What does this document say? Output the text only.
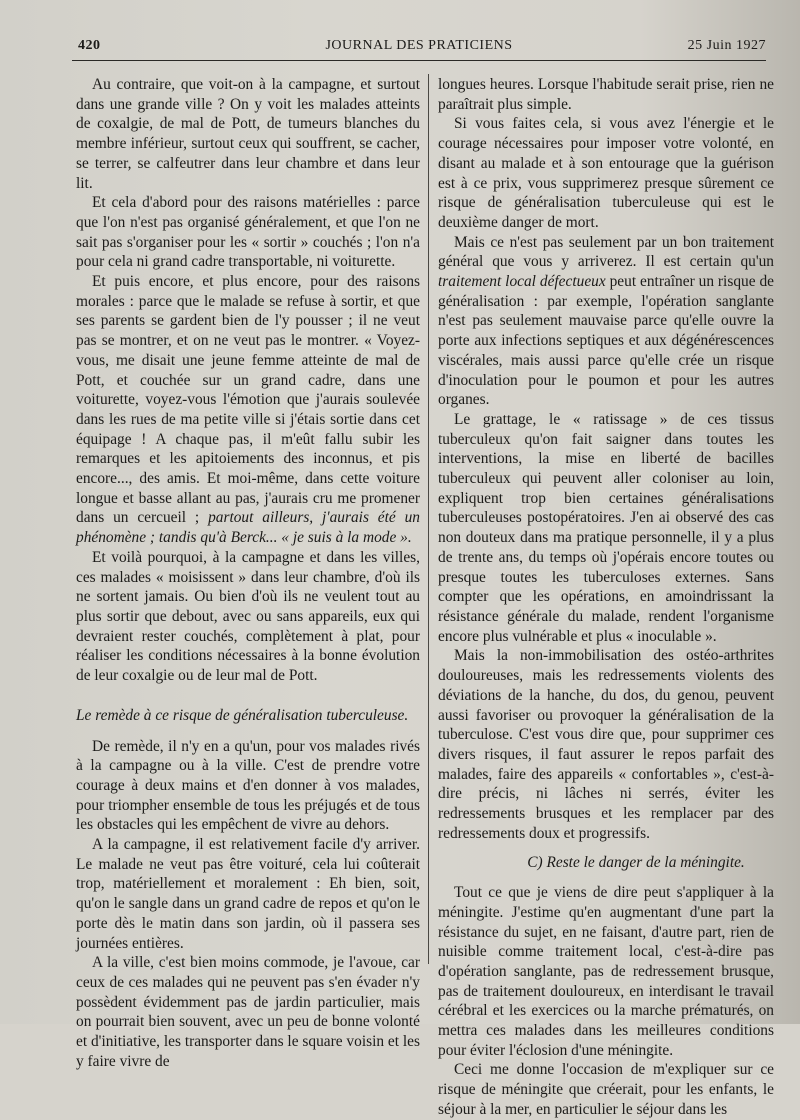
420	JOURNAL DES PRATICIENS	25 Juin 1927

Au contraire, que voit-on à la campagne, et surtout dans une grande ville ? On y voit les malades atteints de coxalgie, de mal de Pott, de tumeurs blanches du membre inférieur, surtout ceux qui souffrent, se cacher, se terrer, se calfeutrer dans leur chambre et dans leur lit.

Et cela d'abord pour des raisons matérielles : parce que l'on n'est pas organisé généralement, et que l'on ne sait pas s'organiser pour les « sortir » couchés ; l'on n'a pour cela ni grand cadre transportable, ni voiturette.

Et puis encore, et plus encore, pour des raisons morales : parce que le malade se refuse à sortir, et que ses parents se gardent bien de l'y pousser ; il ne veut pas se montrer, et on ne veut pas le montrer. « Voyez-vous, me disait une jeune femme atteinte de mal de Pott, et couchée sur un grand cadre, dans une voiturette, voyez-vous l'émotion que j'aurais soulevée dans les rues de ma petite ville si j'étais sortie dans cet équipage ! A chaque pas, il m'eût fallu subir les remarques et les apitoiements des inconnus, et pis encore..., des amis. Et moi-même, dans cette voiture longue et basse allant au pas, j'aurais cru me promener dans un cercueil ; partout ailleurs, j'aurais été un phénomène ; tandis qu'à Berck... « je suis à la mode ».

Et voilà pourquoi, à la campagne et dans les villes, ces malades « moisissent » dans leur chambre, d'où ils ne sortent jamais. Ou bien d'où ils ne veulent tout au plus sortir que debout, avec ou sans appareils, eux qui devraient rester couchés, complètement à plat, pour réaliser les conditions nécessaires à la bonne évolution de leur coxalgie ou de leur mal de Pott.

Le remède à ce risque de généralisation tuberculeuse.

De remède, il n'y en a qu'un, pour vos malades rivés à la campagne ou à la ville. C'est de prendre votre courage à deux mains et d'en donner à vos malades, pour triompher ensemble de tous les préjugés et de tous les obstacles qui les empêchent de vivre au dehors.

A la campagne, il est relativement facile d'y arriver. Le malade ne veut pas être voituré, cela lui coûterait trop, matériellement et moralement : Eh bien, soit, qu'on le sangle dans un grand cadre de repos et qu'on le porte dès le matin dans son jardin, où il passera ses journées entières.

A la ville, c'est bien moins commode, je l'avoue, car ceux de ces malades qui ne peuvent pas s'en évader n'y possèdent évidemment pas de jardin particulier, mais on pourrait bien souvent, avec un peu de bonne volonté et d'initiative, les transporter dans le square voisin et les y faire vivre de

longues heures. Lorsque l'habitude serait prise, rien ne paraîtrait plus simple.

Si vous faites cela, si vous avez l'énergie et le courage nécessaires pour imposer votre volonté, en disant au malade et à son entourage que la guérison est à ce prix, vous supprimerez presque sûrement ce risque de généralisation tuberculeuse qui est le deuxième danger de mort.

Mais ce n'est pas seulement par un bon traitement général que vous y arriverez. Il est certain qu'un traitement local défectueux peut entraîner un risque de généralisation : par exemple, l'opération sanglante n'est pas seulement mauvaise parce qu'elle ouvre la porte aux infections septiques et aux dégénérescences viscérales, mais aussi parce qu'elle crée un risque d'inoculation pour le poumon et pour les autres organes.

Le grattage, le « ratissage » de ces tissus tuberculeux qu'on fait saigner dans toutes les interventions, la mise en liberté de bacilles tuberculeux qui peuvent aller coloniser au loin, expliquent trop bien certaines généralisations tuberculeuses postopératoires. J'en ai observé des cas non douteux dans ma pratique personnelle, il y a plus de trente ans, du temps où j'opérais encore toutes ou presque toutes les tuberculoses externes. Sans compter que les opérations, en amoindrissant la résistance générale du malade, rendent l'organisme encore plus vulnérable et plus « inoculable ».

Mais la non-immobilisation des ostéo-arthrites douloureuses, mais les redressements violents des déviations de la hanche, du dos, du genou, peuvent aussi favoriser ou provoquer la généralisation de la tuberculose. C'est vous dire que, pour supprimer ces divers risques, il faut assurer le repos parfait des malades, faire des appareils « confortables », c'est-à-dire précis, ni lâches ni serrés, éviter les redressements brusques et les remplacer par des redressements doux et progressifs.

C) Reste le danger de la méningite.

Tout ce que je viens de dire peut s'appliquer à la méningite. J'estime qu'en augmentant d'une part la résistance du sujet, en ne faisant, d'autre part, rien de nuisible comme traitement local, c'est-à-dire pas d'opération sanglante, pas de redressement brusque, pas de traitement douloureux, en interdisant le travail cérébral et les exercices ou la marche prématurés, on mettra ces malades dans les meilleures conditions pour éviter l'éclosion d'une méningite.

Ceci me donne l'occasion de m'expliquer sur ce risque de méningite que créerait, pour les enfants, le séjour à la mer, en particulier le séjour dans les
